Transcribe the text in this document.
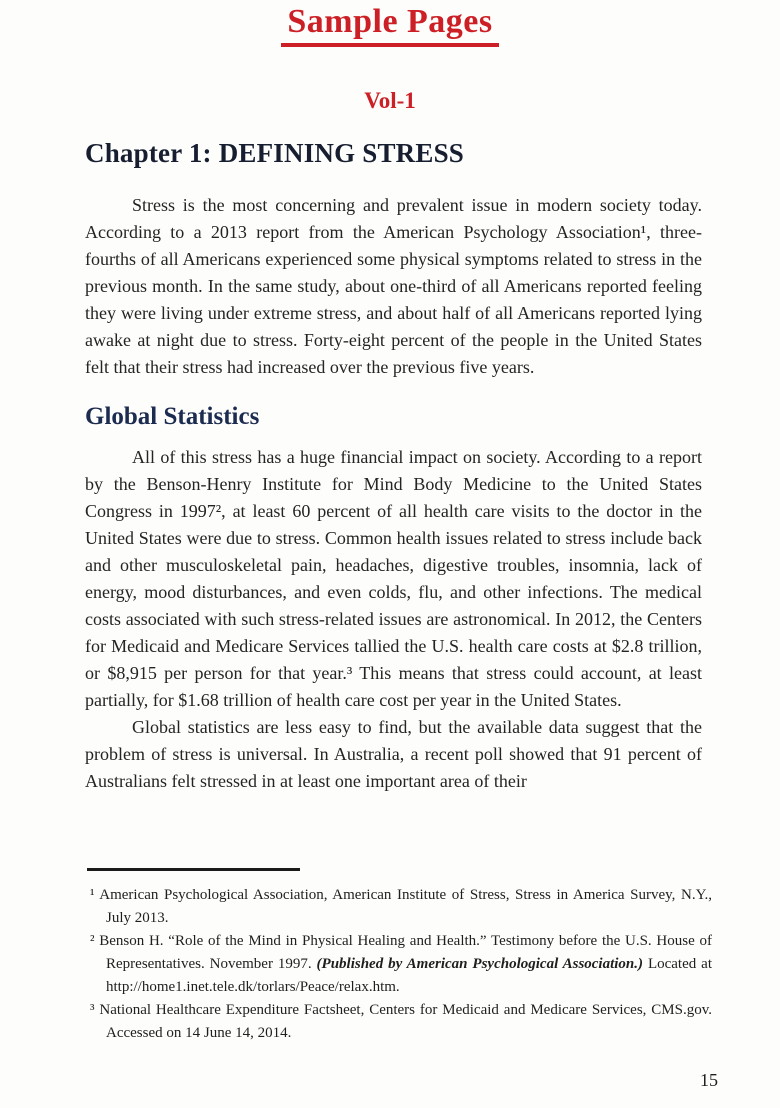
Sample Pages
Vol-1
Chapter 1: DEFINING STRESS

Stress is the most concerning and prevalent issue in modern society today. According to a 2013 report from the American Psychology Association¹, three-fourths of all Americans experienced some physical symptoms related to stress in the previous month. In the same study, about one-third of all Americans reported feeling they were living under extreme stress, and about half of all Americans reported lying awake at night due to stress. Forty-eight percent of the people in the United States felt that their stress had increased over the previous five years.

Global Statistics

All of this stress has a huge financial impact on society. According to a report by the Benson-Henry Institute for Mind Body Medicine to the United States Congress in 1997², at least 60 percent of all health care visits to the doctor in the United States were due to stress. Common health issues related to stress include back and other musculoskeletal pain, headaches, digestive troubles, insomnia, lack of energy, mood disturbances, and even colds, flu, and other infections. The medical costs associated with such stress-related issues are astronomical. In 2012, the Centers for Medicaid and Medicare Services tallied the U.S. health care costs at $2.8 trillion, or $8,915 per person for that year.³ This means that stress could account, at least partially, for $1.68 trillion of health care cost per year in the United States.

Global statistics are less easy to find, but the available data suggest that the problem of stress is universal. In Australia, a recent poll showed that 91 percent of Australians felt stressed in at least one important area of their

¹ American Psychological Association, American Institute of Stress, Stress in America Survey, N.Y., July 2013.

² Benson H. “Role of the Mind in Physical Healing and Health.” Testimony before the U.S. House of Representatives. November 1997. (Published by American Psychological Association.) Located at http://home1.inet.tele.dk/torlars/Peace/relax.htm.

³ National Healthcare Expenditure Factsheet, Centers for Medicaid and Medicare Services, CMS.gov. Accessed on 14 June 14, 2014.

15
